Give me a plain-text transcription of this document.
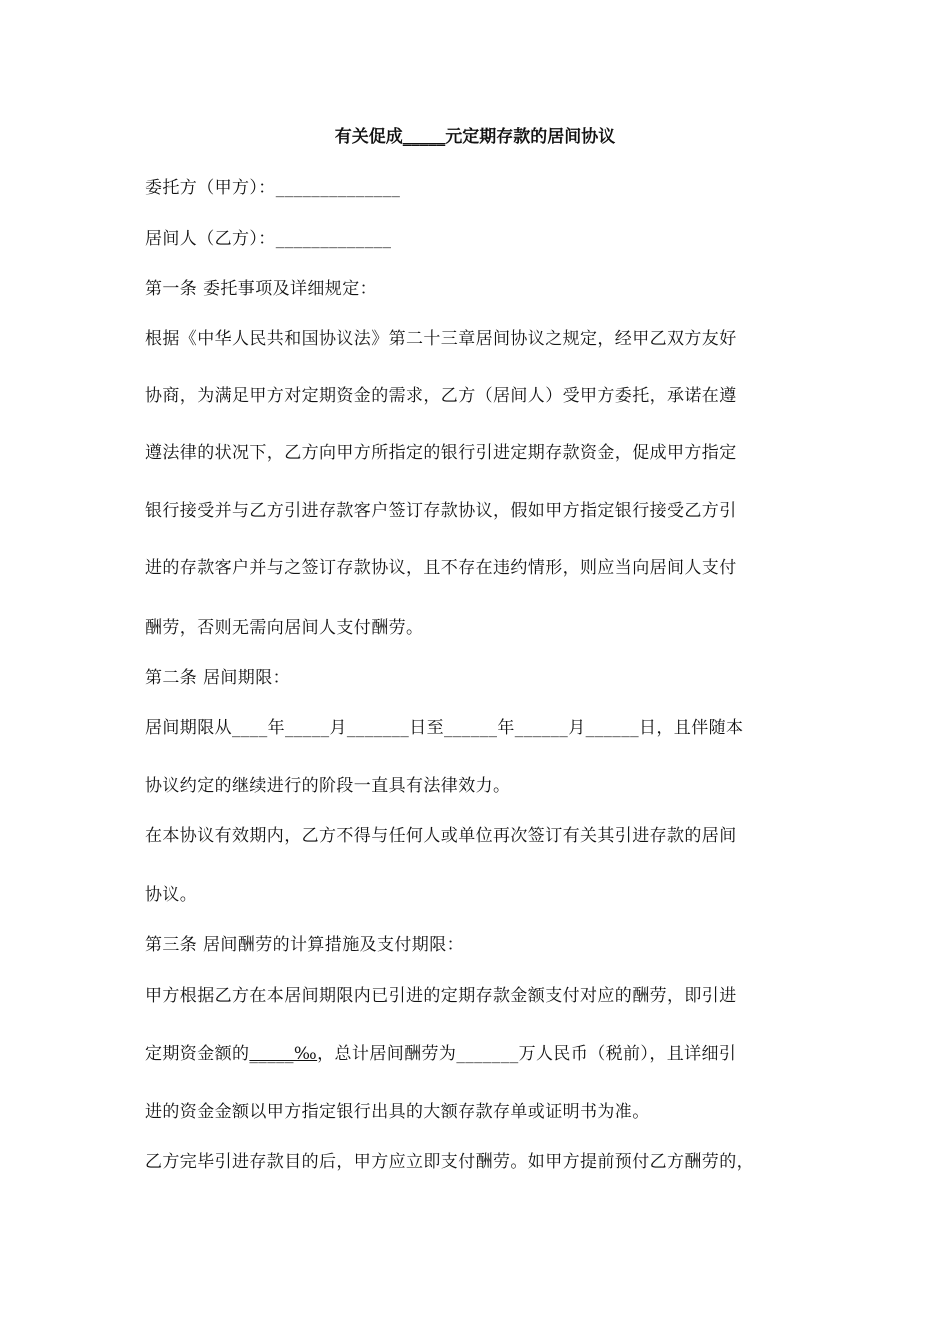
有关促成_____元定期存款的居间协议
委托方（甲方）：______________
居间人（乙方）：_____________
第一条 委托事项及详细规定：
根据《中华人民共和国协议法》第二十三章居间协议之规定，经甲乙双方友好
协商，为满足甲方对定期资金的需求，乙方（居间人）受甲方委托，承诺在遵
遵法律的状况下，乙方向甲方所指定的银行引进定期存款资金，促成甲方指定
银行接受并与乙方引进存款客户签订存款协议，假如甲方指定银行接受乙方引
进的存款客户并与之签订存款协议，且不存在违约情形，则应当向居间人支付
酬劳，否则无需向居间人支付酬劳。
第二条 居间期限：
居间期限从____年_____月_______日至______年______月______日，且伴随本
协议约定的继续进行的阶段一直具有法律效力。
在本协议有效期内，乙方不得与任何人或单位再次签订有关其引进存款的居间
协议。
第三条 居间酬劳的计算措施及支付期限：
甲方根据乙方在本居间期限内已引进的定期存款金额支付对应的酬劳，即引进
定期资金额的_____‰，总计居间酬劳为_______万人民币（税前），且详细引
进的资金金额以甲方指定银行出具的大额存款存单或证明书为准。
乙方完毕引进存款目的后，甲方应立即支付酬劳。如甲方提前预付乙方酬劳的，
